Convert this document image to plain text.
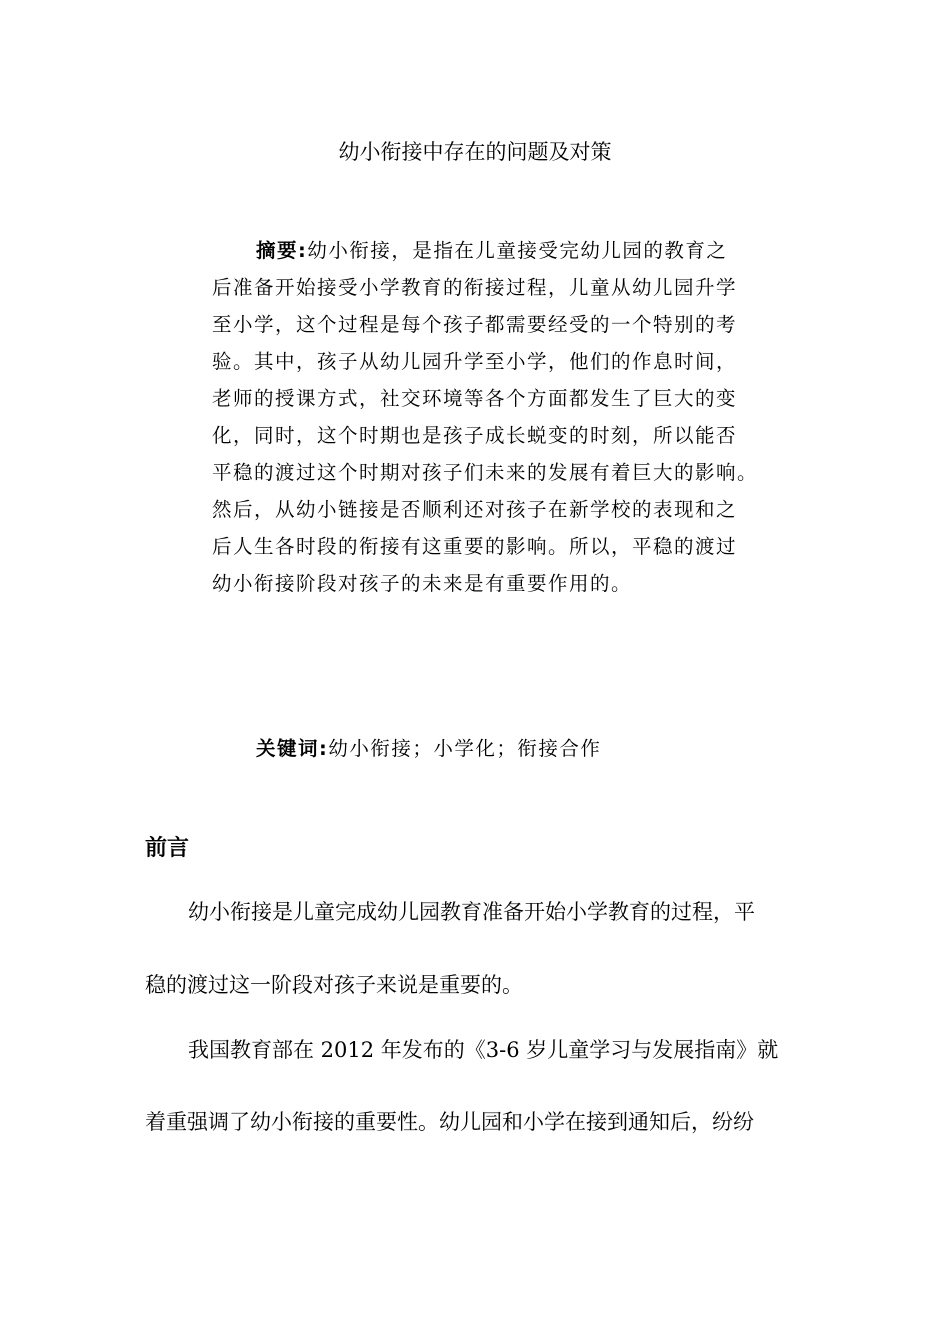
幼小衔接中存在的问题及对策
摘要:幼小衔接，是指在儿童接受完幼儿园的教育之
后准备开始接受小学教育的衔接过程，儿童从幼儿园升学
至小学，这个过程是每个孩子都需要经受的一个特别的考
验。其中，孩子从幼儿园升学至小学，他们的作息时间，
老师的授课方式，社交环境等各个方面都发生了巨大的变
化，同时，这个时期也是孩子成长蜕变的时刻，所以能否
平稳的渡过这个时期对孩子们未来的发展有着巨大的影响。
然后，从幼小链接是否顺利还对孩子在新学校的表现和之
后人生各时段的衔接有这重要的影响。所以，平稳的渡过
幼小衔接阶段对孩子的未来是有重要作用的。
关键词:幼小衔接；小学化；衔接合作
前言
幼小衔接是儿童完成幼儿园教育准备开始小学教育的过程，平
稳的渡过这一阶段对孩子来说是重要的。
我国教育部在 2012 年发布的《3-6 岁儿童学习与发展指南》就
着重强调了幼小衔接的重要性。幼儿园和小学在接到通知后，纷纷
